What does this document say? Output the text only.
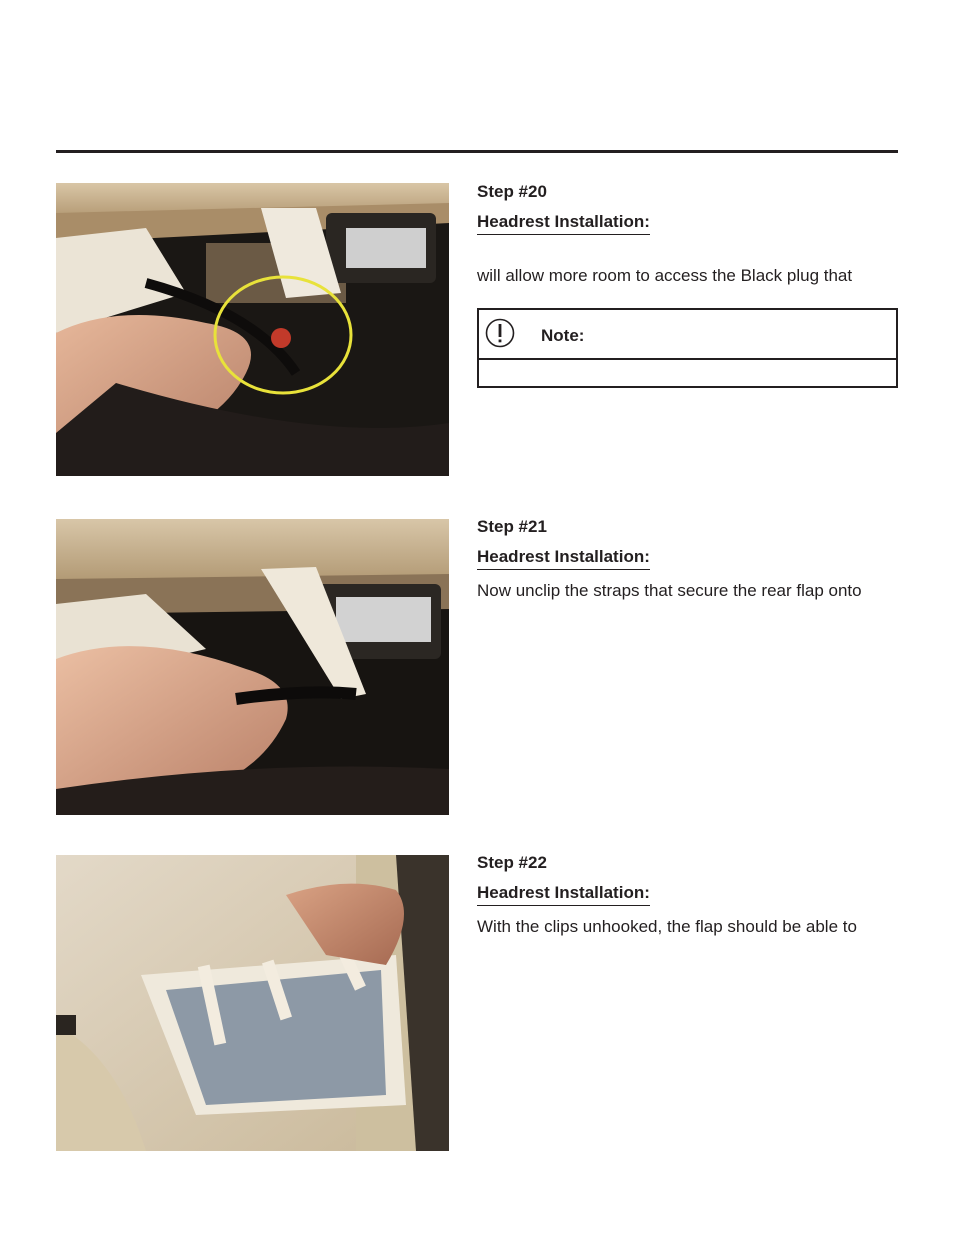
Step #20

Headrest Installation:
will allow more room to access the Black plug that
Note:

Step #21

Headrest Installation:
Now unclip the straps that secure the rear flap onto

Step #22

Headrest Installation:
With the clips unhooked, the flap should be able to
